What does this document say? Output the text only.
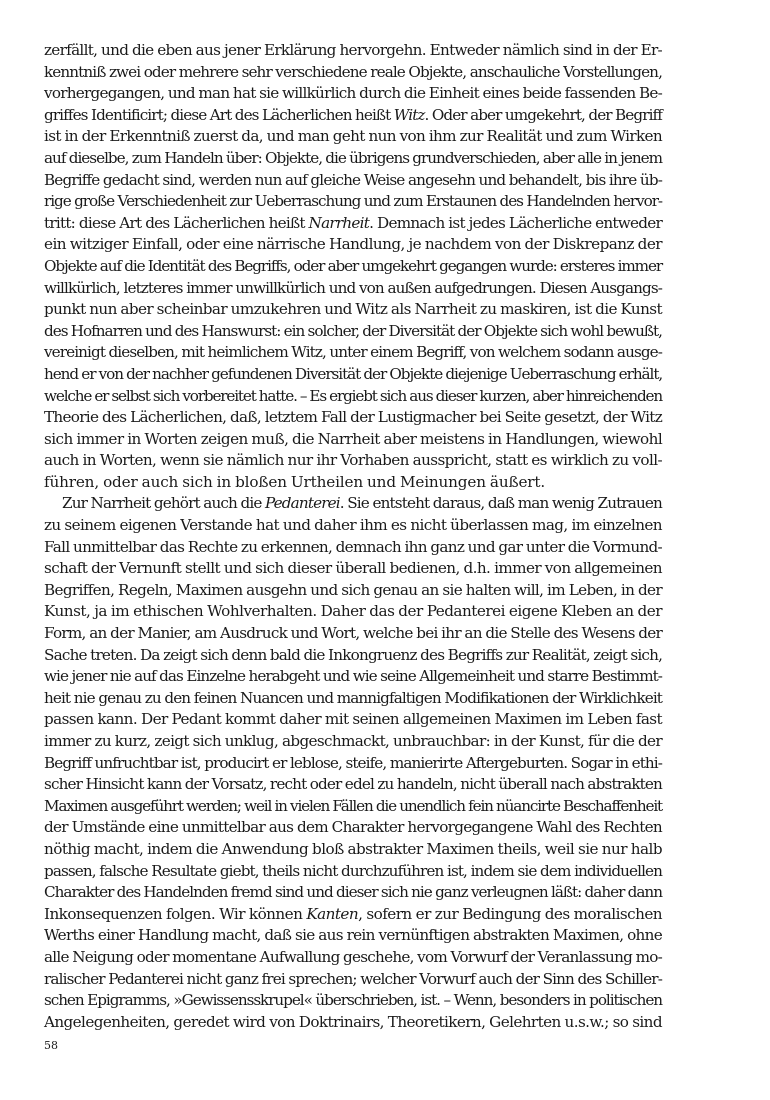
zerfällt, und die eben aus jener Erklärung hervorgehn. Entweder nämlich sind in der Er-
kenntniß zwei oder mehrere sehr verschiedene reale Objekte, anschauliche Vorstellungen,
vorhergegangen, und man hat sie willkürlich durch die Einheit eines beide fassenden Be-
griffes Identificirt; diese Art des Lächerlichen heißt Witz. Oder aber umgekehrt, der Begriff
ist in der Erkenntniß zuerst da, und man geht nun von ihm zur Realität und zum Wirken
auf dieselbe, zum Handeln über: Objekte, die übrigens grundverschieden, aber alle in jenem
Begriffe gedacht sind, werden nun auf gleiche Weise angesehn und behandelt, bis ihre üb-
rige große Verschiedenheit zur Ueberraschung und zum Erstaunen des Handelnden hervor-
tritt: diese Art des Lächerlichen heißt Narrheit. Demnach ist jedes Lächerliche entweder
ein witziger Einfall, oder eine närrische Handlung, je nachdem von der Diskrepanz der
Objekte auf die Identität des Begriffs, oder aber umgekehrt gegangen wurde: ersteres immer
willkürlich, letzteres immer unwillkürlich und von außen aufgedrungen. Diesen Ausgangs-
punkt nun aber scheinbar umzukehren und Witz als Narrheit zu maskiren, ist die Kunst
des Hofnarren und des Hanswurst: ein solcher, der Diversität der Objekte sich wohl bewußt,
vereinigt dieselben, mit heimlichem Witz, unter einem Begriff, von welchem sodann ausge-
hend er von der nachher gefundenen Diversität der Objekte diejenige Ueberraschung erhält,
welche er selbst sich vorbereitet hatte. – Es ergiebt sich aus dieser kurzen, aber hinreichenden
Theorie des Lächerlichen, daß, letztem Fall der Lustigmacher bei Seite gesetzt, der Witz
sich immer in Worten zeigen muß, die Narrheit aber meistens in Handlungen, wiewohl
auch in Worten, wenn sie nämlich nur ihr Vorhaben ausspricht, statt es wirklich zu voll-
führen, oder auch sich in bloßen Urtheilen und Meinungen äußert.
Zur Narrheit gehört auch die Pedanterei. Sie entsteht daraus, daß man wenig Zutrauen
zu seinem eigenen Verstande hat und daher ihm es nicht überlassen mag, im einzelnen
Fall unmittelbar das Rechte zu erkennen, demnach ihn ganz und gar unter die Vormund-
schaft der Vernunft stellt und sich dieser überall bedienen, d.h. immer von allgemeinen
Begriffen, Regeln, Maximen ausgehn und sich genau an sie halten will, im Leben, in der
Kunst, ja im ethischen Wohlverhalten. Daher das der Pedanterei eigene Kleben an der
Form, an der Manier, am Ausdruck und Wort, welche bei ihr an die Stelle des Wesens der
Sache treten. Da zeigt sich denn bald die Inkongruenz des Begriffs zur Realität, zeigt sich,
wie jener nie auf das Einzelne herabgeht und wie seine Allgemeinheit und starre Bestimmt-
heit nie genau zu den feinen Nuancen und mannigfaltigen Modifikationen der Wirklichkeit
passen kann. Der Pedant kommt daher mit seinen allgemeinen Maximen im Leben fast
immer zu kurz, zeigt sich unklug, abgeschmackt, unbrauchbar: in der Kunst, für die der
Begriff unfruchtbar ist, producirt er leblose, steife, manierirte Aftergeburten. Sogar in ethi-
scher Hinsicht kann der Vorsatz, recht oder edel zu handeln, nicht überall nach abstrakten
Maximen ausgeführt werden; weil in vielen Fällen die unendlich fein nüancirte Beschaffenheit
der Umstände eine unmittelbar aus dem Charakter hervorgegangene Wahl des Rechten
nöthig macht, indem die Anwendung bloß abstrakter Maximen theils, weil sie nur halb
passen, falsche Resultate giebt, theils nicht durchzuführen ist, indem sie dem individuellen
Charakter des Handelnden fremd sind und dieser sich nie ganz verleugnen läßt: daher dann
Inkonsequenzen folgen. Wir können Kanten, sofern er zur Bedingung des moralischen
Werths einer Handlung macht, daß sie aus rein vernünftigen abstrakten Maximen, ohne
alle Neigung oder momentane Aufwallung geschehe, vom Vorwurf der Veranlassung mo-
ralischer Pedanterei nicht ganz frei sprechen; welcher Vorwurf auch der Sinn des Schiller-
schen Epigramms, »Gewissensskrupel« überschrieben, ist. – Wenn, besonders in politischen
Angelegenheiten, geredet wird von Doktrinairs, Theoretikern, Gelehrten u.s.w.; so sind
58
